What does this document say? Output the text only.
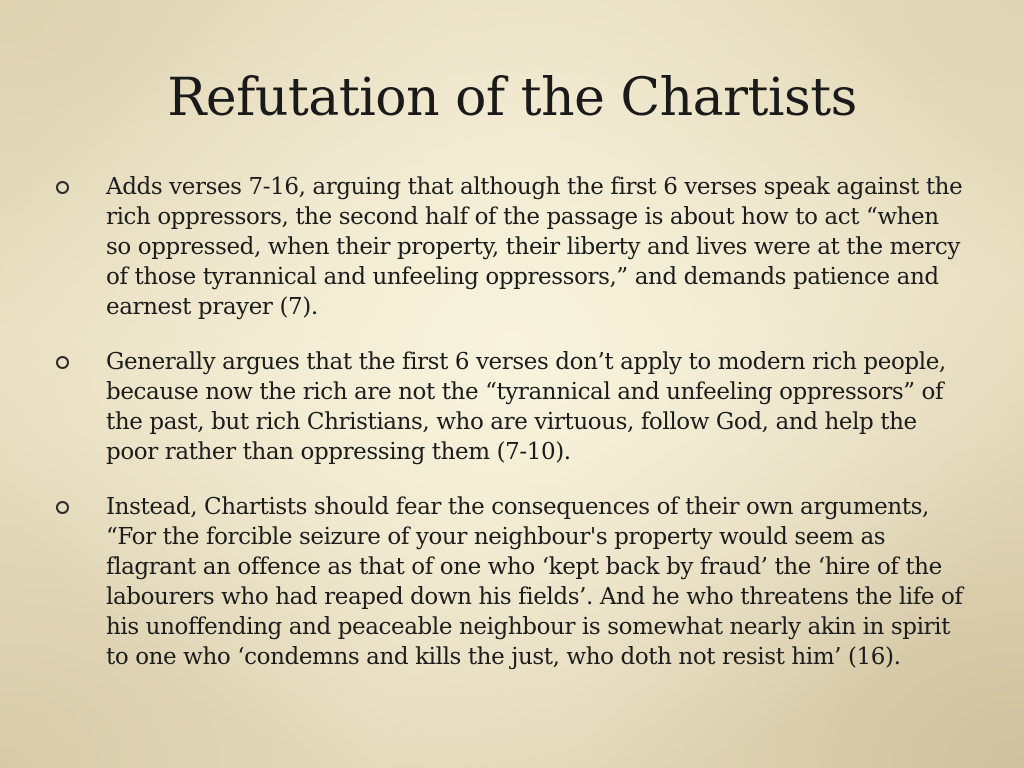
Refutation of the Chartists
Adds verses 7-16, arguing that although the first 6 verses speak against the rich oppressors, the second half of the passage is about how to act “when so oppressed, when their property, their liberty and lives were at the mercy of those tyrannical and unfeeling oppressors,” and demands patience and earnest prayer (7).
Generally argues that the first 6 verses don’t apply to modern rich people, because now the rich are not the “tyrannical and unfeeling oppressors” of the past, but rich Christians, who are virtuous, follow God, and help the poor rather than oppressing them (7-10).
Instead, Chartists should fear the consequences of their own arguments, “For the forcible seizure of your neighbour's property would seem as flagrant an offence as that of one who ‘kept back by fraud’ the ‘hire of the labourers who had reaped down his fields’. And he who threatens the life of his unoffending and peaceable neighbour is somewhat nearly akin in spirit to one who ‘condemns and kills the just, who doth not resist him’ (16).
